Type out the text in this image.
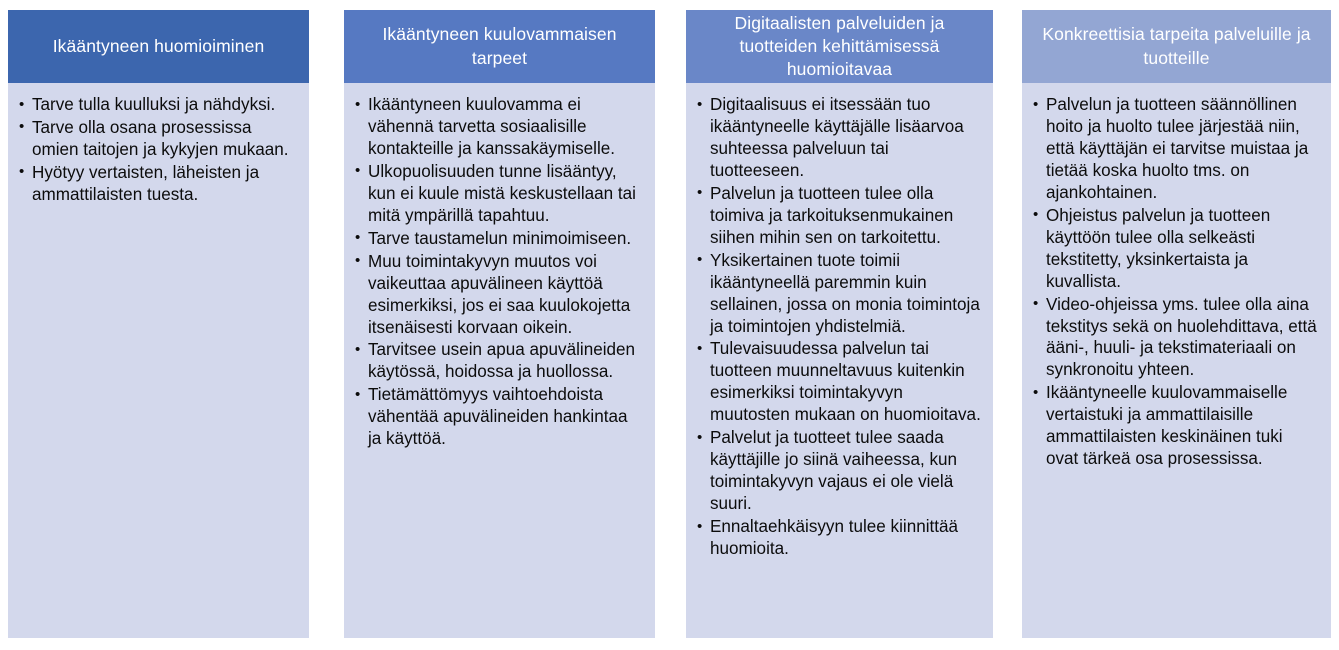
Ikääntyneen huomioiminen
• Tarve tulla kuulluksi ja nähdyksi.
• Tarve olla osana prosessissa omien taitojen ja kykyjen mukaan.
• Hyötyy vertaisten, läheisten ja ammattilaisten tuesta.
Ikääntyneen kuulovammaisen tarpeet
• Ikääntyneen kuulovamma ei vähennä tarvetta sosiaalisille kontakteille ja kanssakäymiselle.
• Ulkopuolisuuden tunne lisääntyy, kun ei kuule mistä keskustellaan tai mitä ympärillä tapahtuu.
• Tarve taustamelun minimoimiseen.
• Muu toimintakyvyn muutos voi vaikeuttaa apuvälineen käyttöä esimerkiksi, jos ei saa kuulokojetta itsenäisesti korvaan oikein.
• Tarvitsee usein apua apuvälineiden käytössä, hoidossa ja huollossa.
• Tietämättömyys vaihtoehdoista vähentää apuvälineiden hankintaa ja käyttöä.
Digitaalisten palveluiden ja tuotteiden kehittämisessä huomioitavaa
• Digitaalisuus ei itsessään tuo ikääntyneelle käyttäjälle lisäarvoa suhteessa palveluun tai tuotteeseen.
• Palvelun ja tuotteen tulee olla toimiva ja tarkoituksenmukainen siihen mihin sen on tarkoitettu.
• Yksikertainen tuote toimii ikääntyneellä paremmin kuin sellainen, jossa on monia toimintoja ja toimintojen yhdistelmiä.
• Tulevaisuudessa palvelun tai tuotteen muunneltavuus kuitenkin esimerkiksi toimintakyvyn muutosten mukaan on huomioitava.
• Palvelut ja tuotteet tulee saada käyttäjille jo siinä vaiheessa, kun toimintakyvyn vajaus ei ole vielä suuri.
• Ennaltaehkäisyyn tulee kiinnittää huomioita.
Konkreettisia tarpeita palveluille ja tuotteille
• Palvelun ja tuotteen säännöllinen hoito ja huolto tulee järjestää niin, että käyttäjän ei tarvitse muistaa ja tietää koska huolto tms. on ajankohtainen.
• Ohjeistus palvelun ja tuotteen käyttöön tulee olla selkeästi tekstitetty, yksinkertaista ja kuvallista.
• Video-ohjeissa yms. tulee olla aina tekstitys sekä on huolehdittava, että ääni-, huuli- ja tekstimateriaali on synkronoitu yhteen.
• Ikääntyneelle kuulovammaiselle vertaistuki ja ammattilaisille ammattilaisten keskinäinen tuki ovat tärkeä osa prosessissa.
